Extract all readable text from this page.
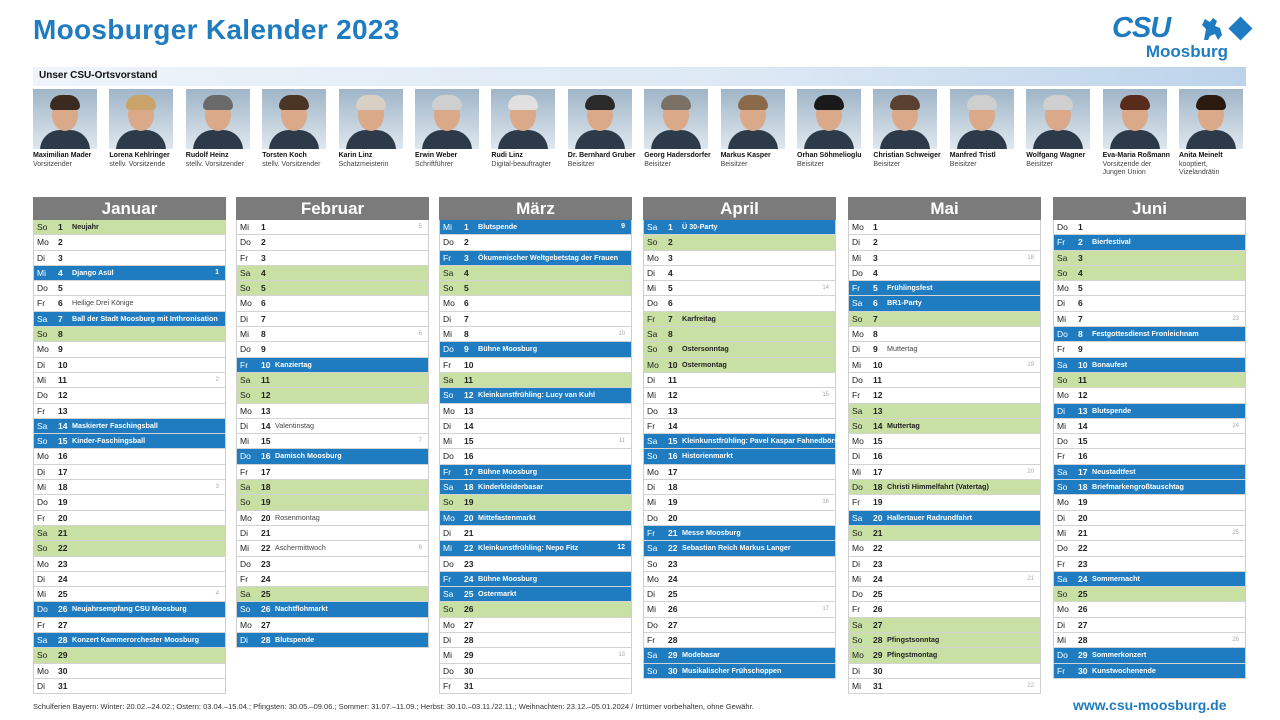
Moosburger Kalender 2023	CSU
Moosburg
Unser CSU-Ortsvorstand
Maximilian Mader
Vorsitzender
Lorena Kehlringer
stellv. Vorsitzende
Rudolf Heinz
stellv. Vorsitzender
Torsten Koch
stellv. Vorsitzender
Karin Linz
Schatzmeisterin
Erwin Weber
Schriftführer
Rudi Linz
Digital-beauftragter
Dr. Bernhard Gruber
Beisitzer
Georg Hadersdorfer
Beisitzer
Markus Kasper
Beisitzer
Orhan Söhmelioglu
Beisitzer
Christian Schweiger
Beisitzer
Manfred Tristl
Beisitzer
Wolfgang Wagner
Beisitzer
Eva-Maria Roßmann
Vorsitzende der Jungen Union
Anita Meinelt
kooptiert, Vizelandrätin
Januar
So	1 Neujahr
Mo	2
Di	3
Mi	4 Django Asül	1
Do	5
Fr	6 Heilige Drei Könige
Sa	7 Ball der Stadt Moosburg mit Inthronisation
So	8
Mo	9
Di	10
Mi	11	2
Do	12
Fr	13
Sa	14 Maskierter Faschingsball
So	15 Kinder-Faschingsball
Mo	16
Di	17
Mi	18	3
Do	19
Fr	20
Sa	21
So	22
Mo	23
Di	24
Mi	25	4
Do	26 Neujahrsempfang CSU Moosburg
Fr	27
Sa	28 Konzert Kammerorchester Moosburg
So	29
Mo	30
Di	31
Februar
Mi	1	5
Do	2
Fr	3
Sa	4
So	5
Mo	6
Di	7
Mi	8	6
Do	9
Fr	10 Kanziertag
Sa	11
So	12
Mo	13
Di	14 Valentinstag
Mi	15	7
Do	16 Damisch Moosburg
Fr	17
Sa	18
So	19
Mo	20 Rosenmontag
Di	21
Mi	22 Aschermittwoch	8
Do	23
Fr	24
Sa	25
So	26 Nachtflohmarkt
Mo	27
Di	28 Blutspende
März
Mi	1 Blutspende	9
Do	2
Fr	3 Ökumenischer Weltgebetstag der Frauen
Sa	4
So	5
Mo	6
Di	7
Mi	8	10
Do	9 Bühne Moosburg
Fr	10
Sa	11
So	12 Kleinkunstfrühling: Lucy van Kuhl
Mo	13
Di	14
Mi	15	11
Do	16
Fr	17 Bühne Moosburg
Sa	18 Kinderkleiderbasar
So	19
Mo	20 Mittefastenmarkt
Di	21
Mi	22 Kleinkunstfrühling: Nepo Fitz	12
Do	23
Fr	24 Bühne Moosburg
Sa	25 Ostermarkt
So	26
Mo	27
Di	28
Mi	29	13
Do	30
Fr	31
April
Sa	1 Ü 30-Party
So	2
Mo	3
Di	4
Mi	5	14
Do	6
Fr	7 Karfreitag
Sa	8
So	9 Ostersonntag
Mo	10 Ostermontag
Di	11
Mi	12	15
Do	13
Fr	14
Sa	15 Kleinkunstfrühling: Pavel Kaspar Fahnedbörse
So	16 Historienmarkt
Mo	17
Di	18
Mi	19	16
Do	20
Fr	21 Messe Moosburg
Sa	22 Sebastian Reich Markus Langer
So	23
Mo	24
Di	25
Mi	26	17
Do	27
Fr	28
Sa	29 Modebasar
So	30 Musikalischer Frühschoppen
Mai
Mo	1
Di	2
Mi	3	18
Do	4
Fr	5 Frühlingsfest
Sa	6 BR1-Party
So	7
Mo	8
Di	9 Muttertag
Mi	10	19
Do	11
Fr	12
Sa	13
So	14 Muttertag
Mo	15
Di	16
Mi	17	20
Do	18 Christi Himmelfahrt (Vatertag)
Fr	19
Sa	20 Hallertauer Radrundfahrt
So	21
Mo	22
Di	23
Mi	24	21
Do	25
Fr	26
Sa	27
So	28 Pfingstsonntag
Mo	29 Pfingstmontag
Di	30
Mi	31	22
Juni
Do	1
Fr	2 Bierfestival
Sa	3
So	4
Mo	5
Di	6
Mi	7	23
Do	8 Festgottesdienst Fronleichnam
Fr	9
Sa	10 Bonaufest
So	11
Mo	12
Di	13 Blutspende
Mi	14	24
Do	15
Fr	16
Sa	17 Neustadtfest
So	18 Briefmarkengroßtauschtag
Mo	19
Di	20
Mi	21	25
Do	22
Fr	23
Sa	24 Sommernacht
So	25
Mo	26
Di	27
Mi	28	26
Do	29 Sommerkonzert
Fr	30 Kunstwochenende
Schulferien Bayern: Winter: 20.02.–24.02.; Ostern: 03.04.–15.04.; Pfingsten: 30.05.–09.06.; Sommer: 31.07.–11.09.; Herbst: 30.10.–03.11./22.11.; Weihnachten: 23.12.–05.01.2024 / Irrtümer vorbehalten, ohne Gewähr.	www.csu-moosburg.de
